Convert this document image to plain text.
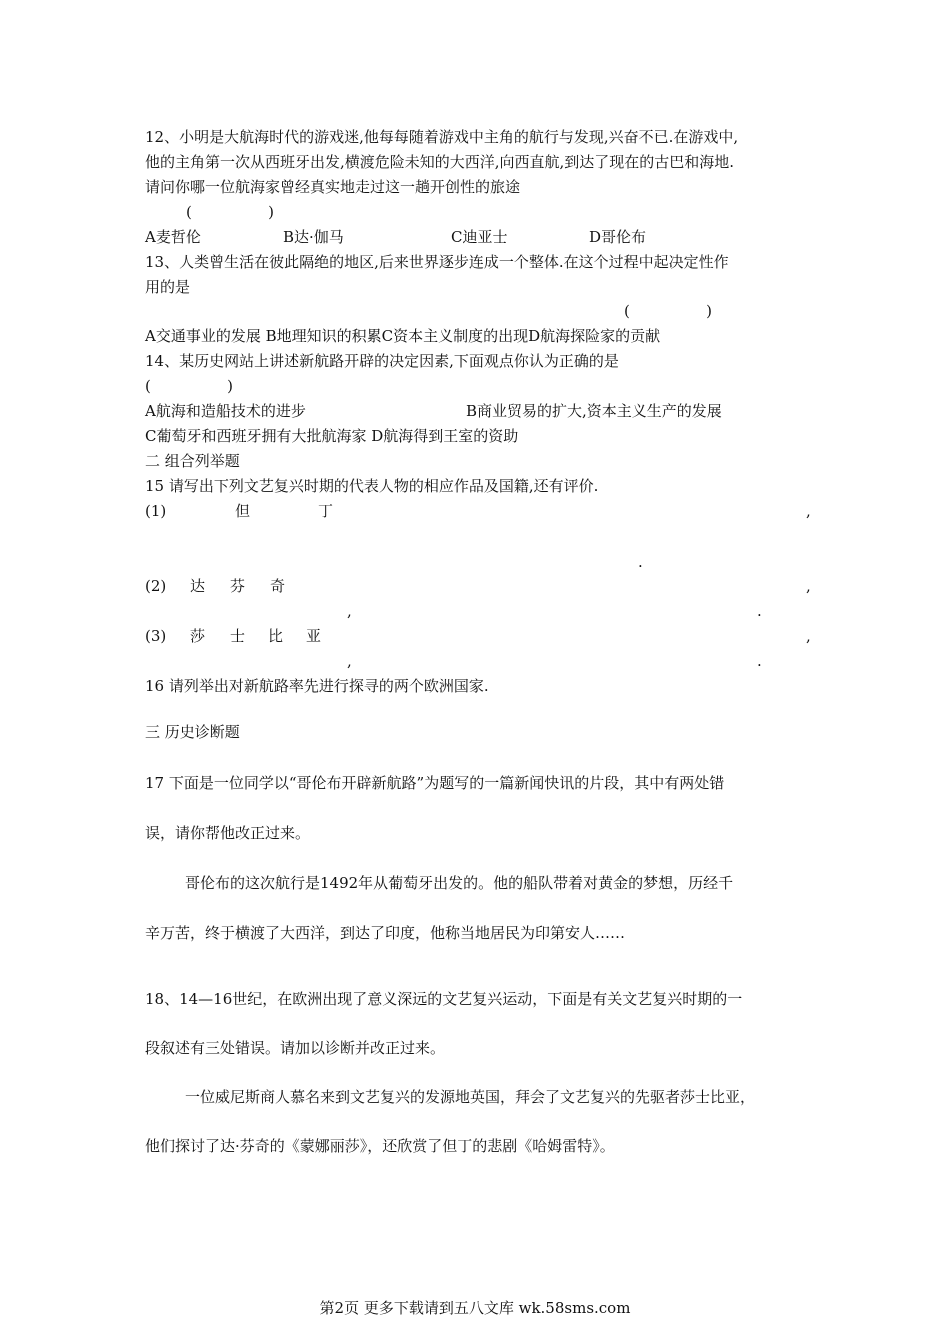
12、小明是大航海时代的游戏迷,他每每随着游戏中主角的航行与发现,兴奋不已.在游戏中,
他的主角第一次从西班牙出发,横渡危险未知的大西洋,向西直航,到达了现在的古巴和海地.
请问你哪一位航海家曾经真实地走过这一趟开创性的旅途
(                )
A麦哲伦	B达·伽马	C迪亚士	D哥伦布
13、人类曾生活在彼此隔绝的地区,后来世界逐步连成一个整体.在这个过程中起决定性作
用的是
(                )
A交通事业的发展 B地理知识的积累C资本主义制度的出现D航海探险家的贡献
14、某历史网站上讲述新航路开辟的决定因素,下面观点你认为正确的是
(                )
A航海和造船技术的进步	B商业贸易的扩大,资本主义生产的发展
C葡萄牙和西班牙拥有大批航海家 D航海得到王室的资助
二 组合列举题
15 请写出下列文艺复兴时期的代表人物的相应作品及国籍,还有评价.
(1)	但	丁	,
.
(2) 达 芬 奇	,
,	.
(3) 莎 士 比 亚	,
,	.
16 请列举出对新航路率先进行探寻的两个欧洲国家.
三 历史诊断题
17 下面是一位同学以“哥伦布开辟新航路”为题写的一篇新闻快讯的片段，其中有两处错
误，请你帮他改正过来。
哥伦布的这次航行是1492年从葡萄牙出发的。他的船队带着对黄金的梦想，历经千
辛万苦，终于横渡了大西洋，到达了印度，他称当地居民为印第安人……
18、14—16世纪，在欧洲出现了意义深远的文艺复兴运动，下面是有关文艺复兴时期的一
段叙述有三处错误。请加以诊断并改正过来。
一位威尼斯商人慕名来到文艺复兴的发源地英国，拜会了文艺复兴的先驱者莎士比亚，
他们探讨了达·芬奇的《蒙娜丽莎》，还欣赏了但丁的悲剧《哈姆雷特》。
第2页 更多下载请到五八文库 wk.58sms.com
